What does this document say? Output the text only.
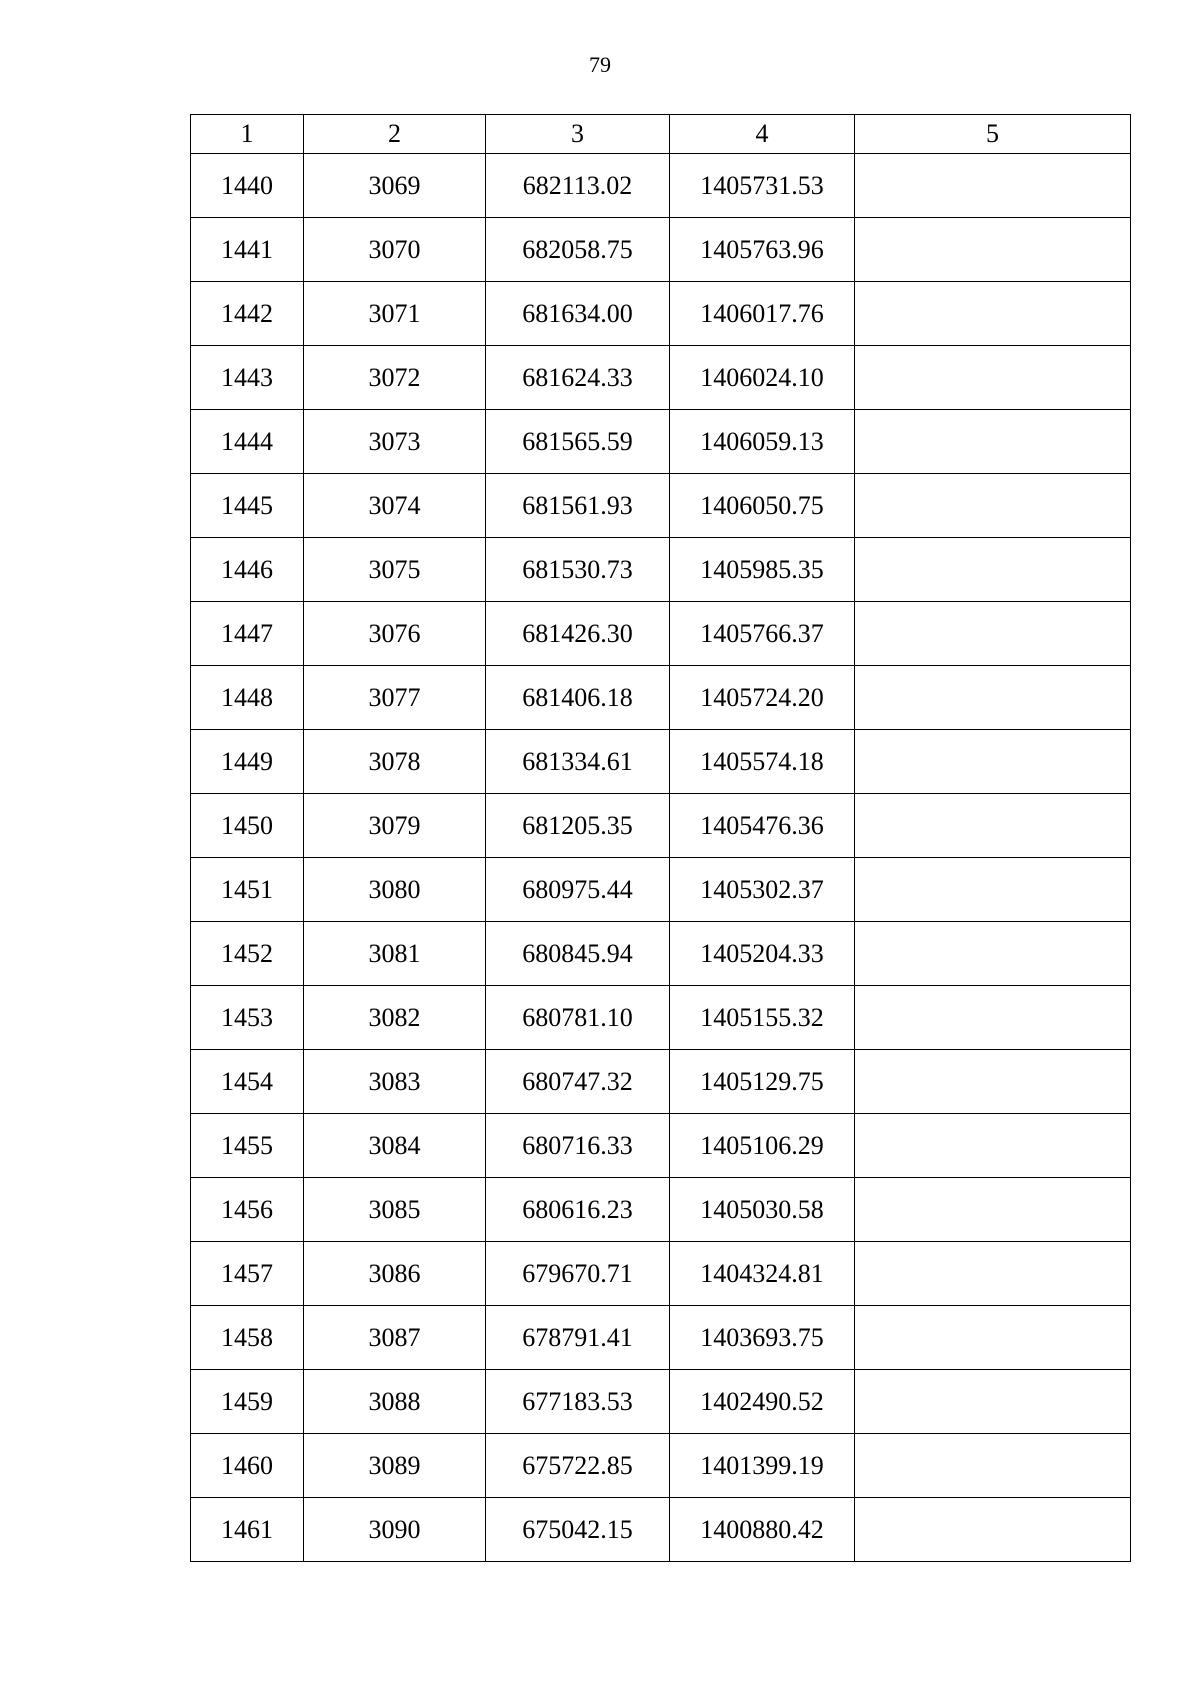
79
1	2	3	4	5
1440	3069	682113.02	1405731.53	
1441	3070	682058.75	1405763.96	
1442	3071	681634.00	1406017.76	
1443	3072	681624.33	1406024.10	
1444	3073	681565.59	1406059.13	
1445	3074	681561.93	1406050.75	
1446	3075	681530.73	1405985.35	
1447	3076	681426.30	1405766.37	
1448	3077	681406.18	1405724.20	
1449	3078	681334.61	1405574.18	
1450	3079	681205.35	1405476.36	
1451	3080	680975.44	1405302.37	
1452	3081	680845.94	1405204.33	
1453	3082	680781.10	1405155.32	
1454	3083	680747.32	1405129.75	
1455	3084	680716.33	1405106.29	
1456	3085	680616.23	1405030.58	
1457	3086	679670.71	1404324.81	
1458	3087	678791.41	1403693.75	
1459	3088	677183.53	1402490.52	
1460	3089	675722.85	1401399.19	
1461	3090	675042.15	1400880.42	
